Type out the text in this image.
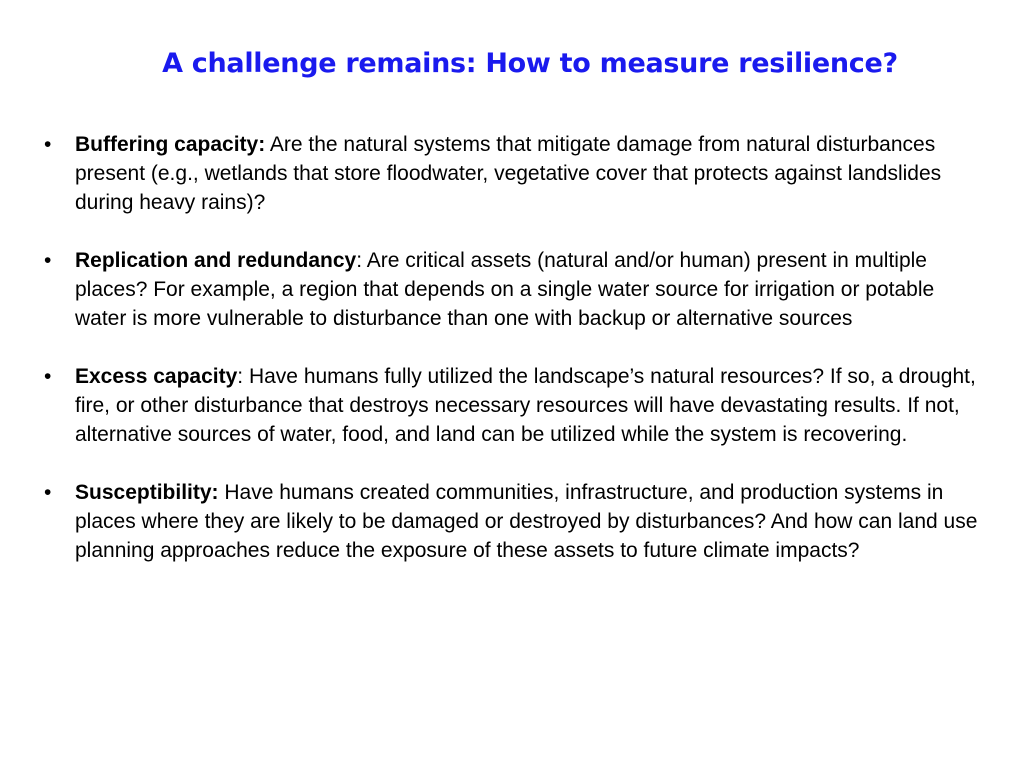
A challenge remains: How to measure resilience?
•	Buffering capacity: Are the natural systems that mitigate damage from natural disturbances present (e.g., wetlands that store floodwater, vegetative cover that protects against landslides during heavy rains)?
•	Replication and redundancy: Are critical assets (natural and/or human) present in multiple places? For example, a region that depends on a single water source for irrigation or potable water is more vulnerable to disturbance than one with backup or alternative sources
•	Excess capacity: Have humans fully utilized the landscape’s natural resources? If so, a drought, fire, or other disturbance that destroys necessary resources will have devastating results. If not, alternative sources of water, food, and land can be utilized while the system is recovering.
•	Susceptibility: Have humans created communities, infrastructure, and production systems in places where they are likely to be damaged or destroyed by disturbances? And how can land use planning approaches reduce the exposure of these assets to future climate impacts?
